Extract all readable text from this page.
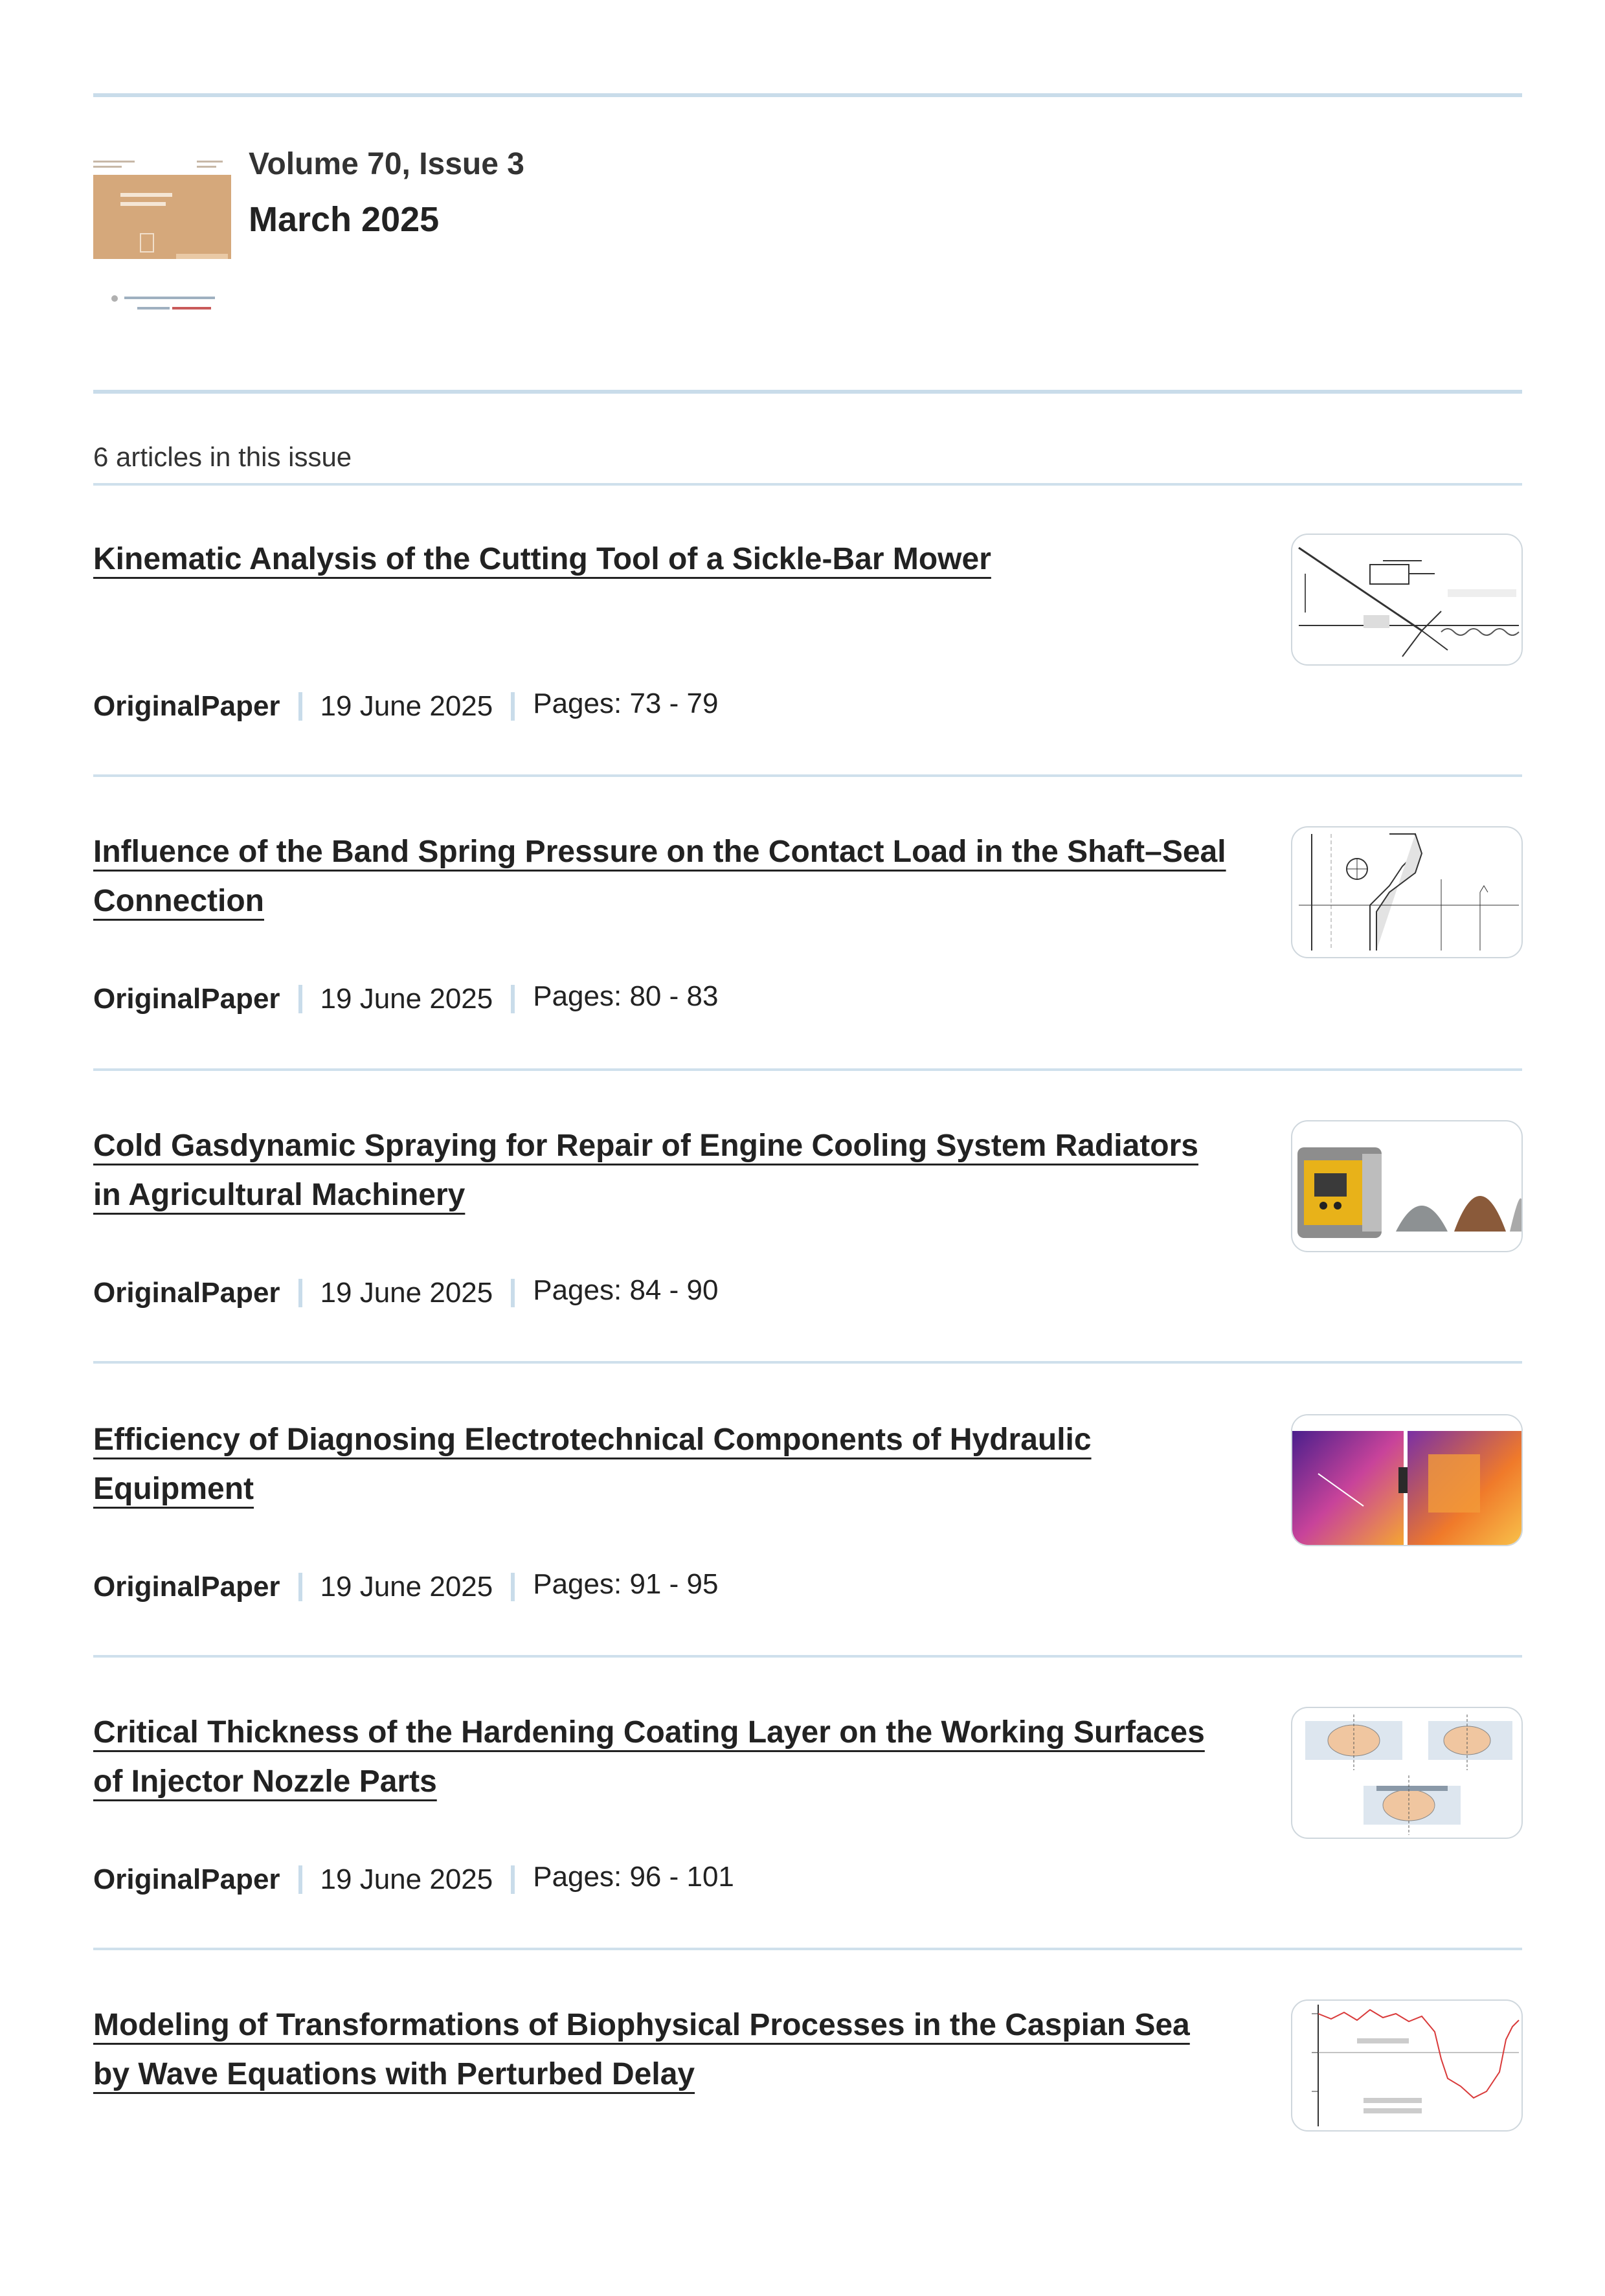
Volume 70, Issue 3
March 2025
6 articles in this issue
Kinematic Analysis of the Cutting Tool of a Sickle-Bar Mower
OriginalPaper 19 June 2025 Pages: 73 - 79
Influence of the Band Spring Pressure on the Contact Load in the Shaft–Seal Connection
OriginalPaper 19 June 2025 Pages: 80 - 83
Cold Gasdynamic Spraying for Repair of Engine Cooling System Radiators in Agricultural Machinery
OriginalPaper 19 June 2025 Pages: 84 - 90
Efficiency of Diagnosing Electrotechnical Components of Hydraulic Equipment
OriginalPaper 19 June 2025 Pages: 91 - 95
Critical Thickness of the Hardening Coating Layer on the Working Surfaces of Injector Nozzle Parts
OriginalPaper 19 June 2025 Pages: 96 - 101
Modeling of Transformations of Biophysical Processes in the Caspian Sea by Wave Equations with Perturbed Delay
